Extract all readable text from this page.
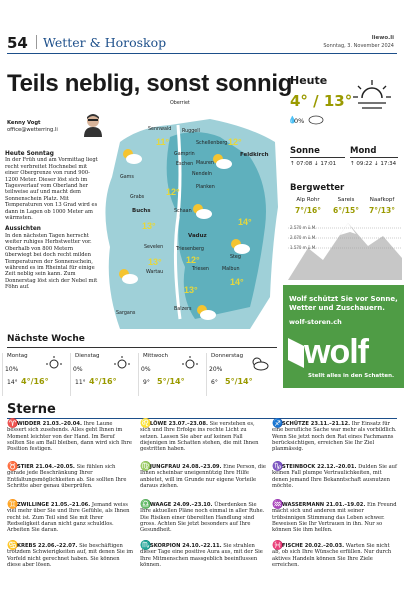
54 Wetter & Horoskop	liewo.li
Sonntag, 3. November 2024
Teils neblig, sonst sonnig
Kenny Vogt
office@wetterring.li
Heute Sonntag

In der Früh und am Vormittag liegt recht verbreitet Hochnebel mit einer Obergrenze von rund 900-1200 Meter. Dieser löst sich im Tagesverlauf vom Oberland her teilweise auf und macht dem Sonnenschein Platz. Mit Temperaturen von 13 Grad wird es dann in Lagen ob 1000 Meter am wärmsten.

Aussichten

In den nächsten Tagen herrscht weiter ruhiges Herbstwetter vor. Oberhalb von 800 Metern überwiegt bei doch recht milden Temperaturen der Sonnenschein, während es im Rheintal für einige Zeit neblig sein kann. Zum Donnerstag löst sich der Nebel mit Föhn auf.

Oberriet
Sennwald Ruggell
Schellenberg
Gamprin
Mauren
Eschen
Feldkirch
Gams
Nendeln
Grabs
Planken
Buchs	Schaan
Vaduz
Sevelen	Triesenberg
Steg
Wartau
Triesen	Malbun
Balzers
Sargans
11°	12°
12°
13°	14°
12°
13°
13°
14°
Heute
4° / 13°
💧
0%
Sonne
↑ 07:08 ↓ 17:01
Mond
↑ 09:22 ↓ 17:34
Bergwetter
Alp Rohr	Sareis	Naafkopf
7°/16°	6°/15°	7°/13°
2.570 m ü.M.
2.070 m ü.M.
1.570 m ü.M.
Wolf schützt Sie vor Sonne, Wetter und Zuschauern.
wolf-storen.ch
wolf
Stellt alles in den Schatten.
Nächste Woche
Montag
10%
14° 4°/16°
Dienstag
0%
11° 4°/16°
Mittwoch
0%
9° 5°/14°
Donnerstag
20%
6° 5°/14°
Sterne
♈WIDDER 21.03.–20.04. Ihre Laune bessert sich zusehends. Alles geht Ihnen im Moment leichter von der Hand. Im Beruf sollten Sie am Ball bleiben, dann wird sich Ihre Position festigen.
♌LÖWE 23.07.–23.08. Sie verstehen es, sich und Ihre Erfolge ins rechte Licht zu setzen. Lassen Sie aber auf keinen Fall diejenigen im Schatten stehen, die mit Ihnen gestritten haben.
♐SCHÜTZE 23.11.–21.12. Ihr Einsatz für eine berufliche Sache war mehr als vorbildlich. Wenn Sie jetzt noch den Rat eines Fachmanns berücksichtigen, erreichen Sie Ihr Ziel planmässig.
♉STIER 21.04.–20.05. Sie fühlen sich gerade jede Beschränkung Ihrer Entfaltungsmöglichkeiten ab. Sie sollten Ihre Schritte aber genau überprüfen.
♍JUNGFRAU 24.08.–23.09. Eine Person, die Ihnen scheinbar uneigennützig Ihre Hilfe anbietet, will im Grunde nur eigene Vorteile daraus ziehen.
♑STEINBOCK 22.12.–20.01. Dulden Sie auf keinen Fall plumpe Vertraulichkeiten, mit denen jemand Ihre Bekanntschaft ausnutzen möchte.
♊ZWILLINGE 21.05.–21.06. Jemand weiss viel mehr über Sie und Ihre Gefühle, als Ihnen recht ist. Zum Teil sind Sie mit Ihrer Redseligkeit daran nicht ganz schuldlos. Arbeiten Sie daran.
♎WAAGE 24.09.–23.10. Überdenken Sie Ihre aktuellen Pläne noch einmal in aller Ruhe. Die Risiken einer übereilten Handlung sind gross. Achten Sie jetzt besonders auf Ihre Gesundheit.
♒WASSERMANN 21.01.–19.02. Ein Freund macht sich und anderen mit seiner trübsinnigen Stimmung das Leben schwer. Beweisen Sie Ihr Vertrauen in ihn. Nur so können Sie ihm helfen.
♋KREBS 22.06.–22.07. Sie beschäftigen trotzdem Schwierigkeiten auf, mit denen Sie im Vorfeld nicht gerechnet haben. Sie können diese aber lösen.
♏SKORPION 24.10.–22.11. Sie strahlen dieser Tage eine positive Aura aus, mit der Sie Ihre Mitmenschen massgeblich beeinflussen können.
♓FISCHE 20.02.–20.03. Warten Sie nicht ab, ob sich Ihre Wünsche erfüllen. Nur durch aktives Handeln können Sie Ihre Ziele erreichen.
